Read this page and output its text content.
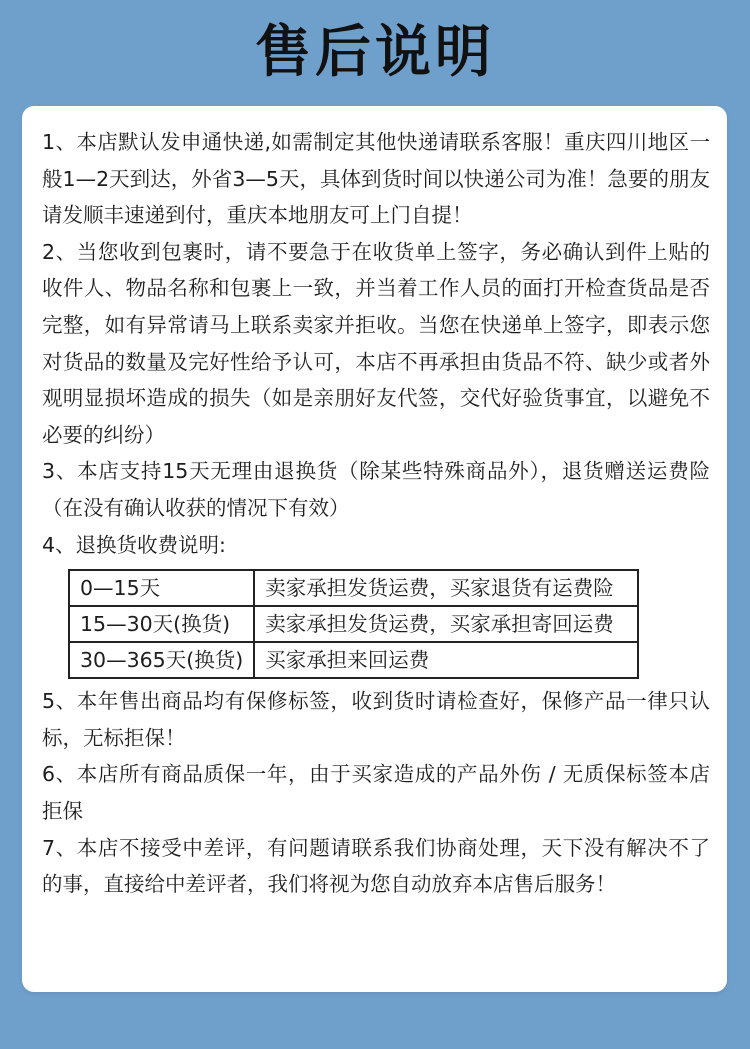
售后说明
1、本店默认发申通快递,如需制定其他快递请联系客服！重庆四川地区一般1—2天到达，外省3—5天，具体到货时间以快递公司为准！急要的朋友请发顺丰速递到付，重庆本地朋友可上门自提！
2、当您收到包裹时，请不要急于在收货单上签字，务必确认到件上贴的收件人、物品名称和包裹上一致，并当着工作人员的面打开检查货品是否完整，如有异常请马上联系卖家并拒收。当您在快递单上签字，即表示您对货品的数量及完好性给予认可，本店不再承担由货品不符、缺少或者外观明显损坏造成的损失（如是亲朋好友代签，交代好验货事宜，以避免不必要的纠纷）
3、本店支持15天无理由退换货（除某些特殊商品外），退货赠送运费险（在没有确认收获的情况下有效）
4、退换货收费说明:
0—15天	卖家承担发货运费，买家退货有运费险
15—30天(换货)	卖家承担发货运费，买家承担寄回运费
30—365天(换货)	买家承担来回运费
5、本年售出商品均有保修标签，收到货时请检查好，保修产品一律只认标，无标拒保！
6、本店所有商品质保一年，由于买家造成的产品外伤 / 无质保标签本店拒保
7、本店不接受中差评，有问题请联系我们协商处理，天下没有解决不了的事，直接给中差评者，我们将视为您自动放弃本店售后服务！
